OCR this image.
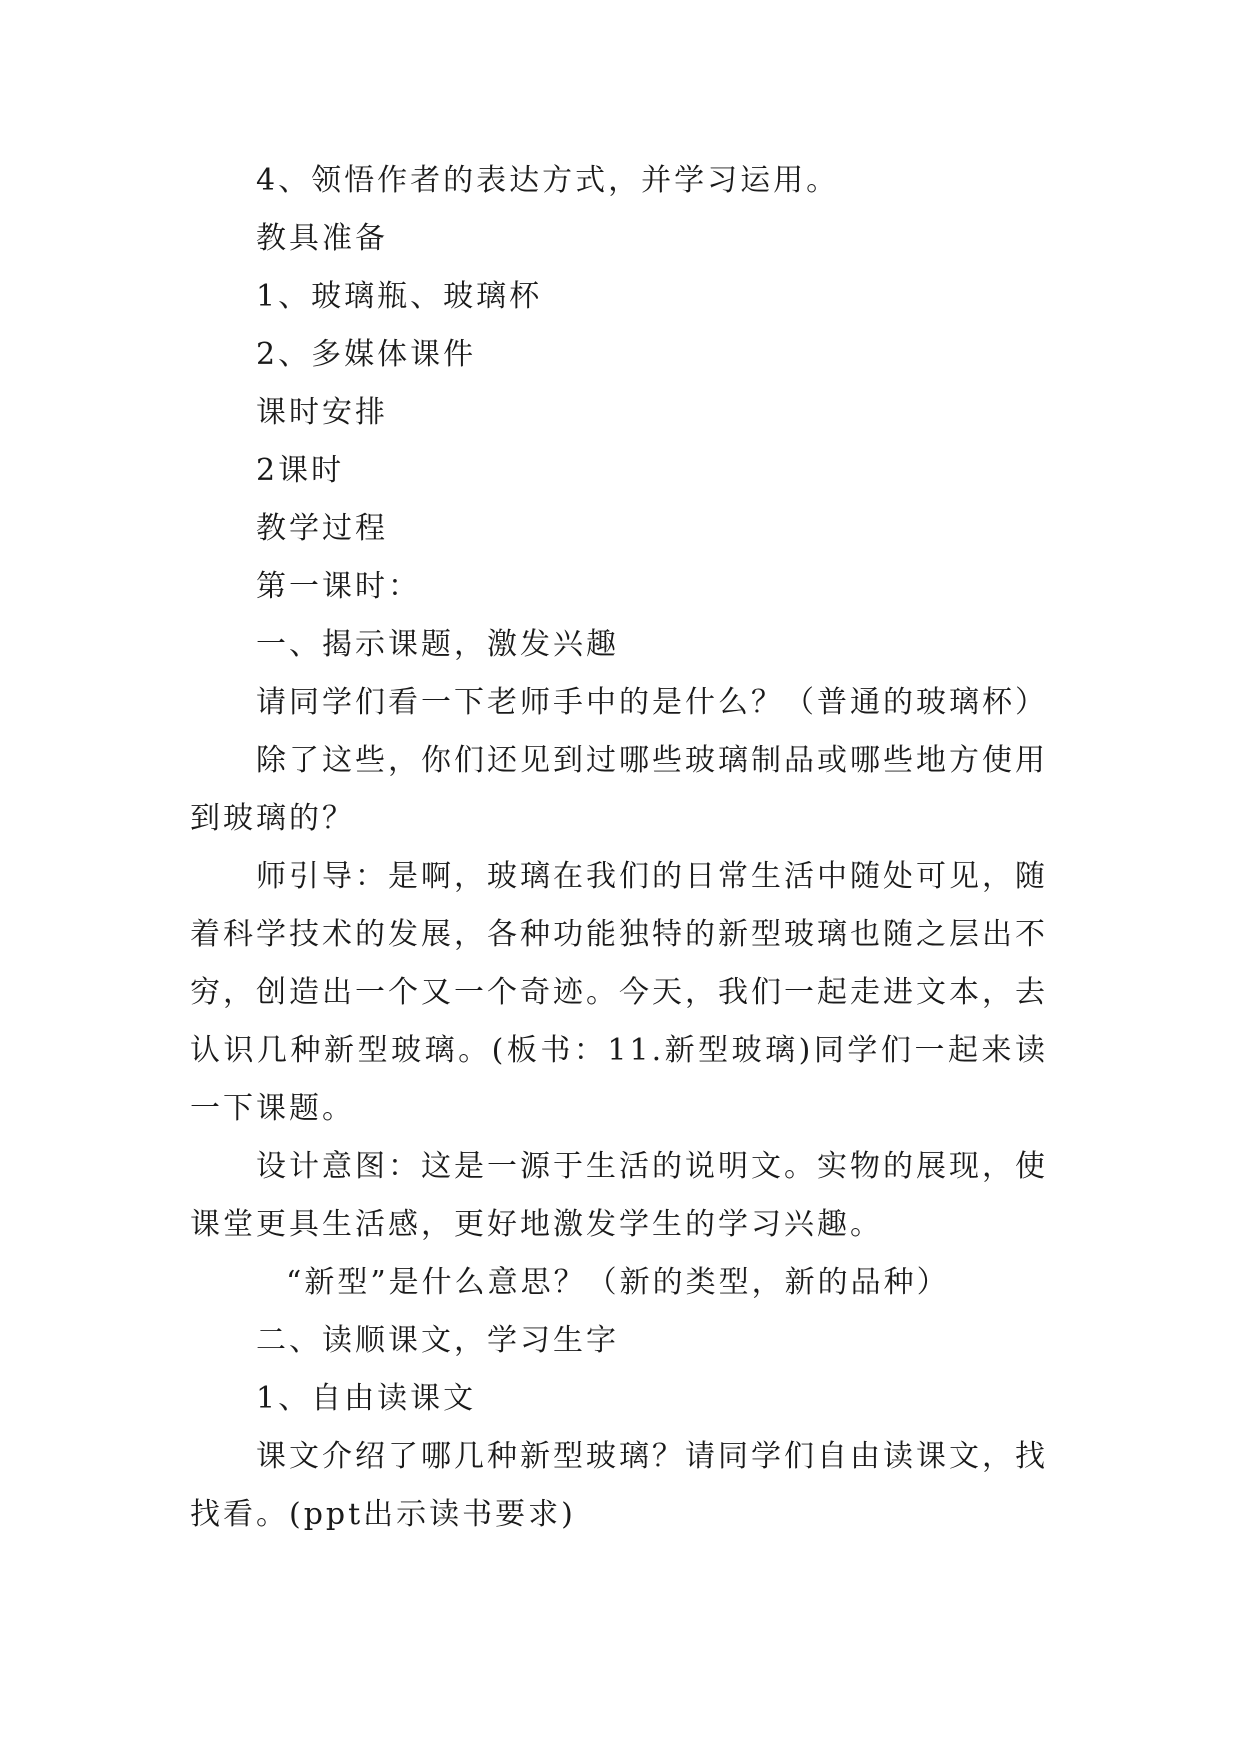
4、领悟作者的表达方式，并学习运用。

教具准备

1、玻璃瓶、玻璃杯

2、多媒体课件

课时安排

2课时

教学过程

第一课时：

一、揭示课题，激发兴趣

请同学们看一下老师手中的是什么？（普通的玻璃杯）

除了这些，你们还见到过哪些玻璃制品或哪些地方使用到玻璃的？

师引导：是啊，玻璃在我们的日常生活中随处可见，随着科学技术的发展，各种功能独特的新型玻璃也随之层出不穷，创造出一个又一个奇迹。今天，我们一起走进文本，去认识几种新型玻璃。(板书：11.新型玻璃)同学们一起来读一下课题。

设计意图：这是一源于生活的说明文。实物的展现，使课堂更具生活感，更好地激发学生的学习兴趣。

“新型”是什么意思？（新的类型，新的品种）

二、读顺课文，学习生字

1、自由读课文

课文介绍了哪几种新型玻璃？请同学们自由读课文，找找看。(ppt出示读书要求)
